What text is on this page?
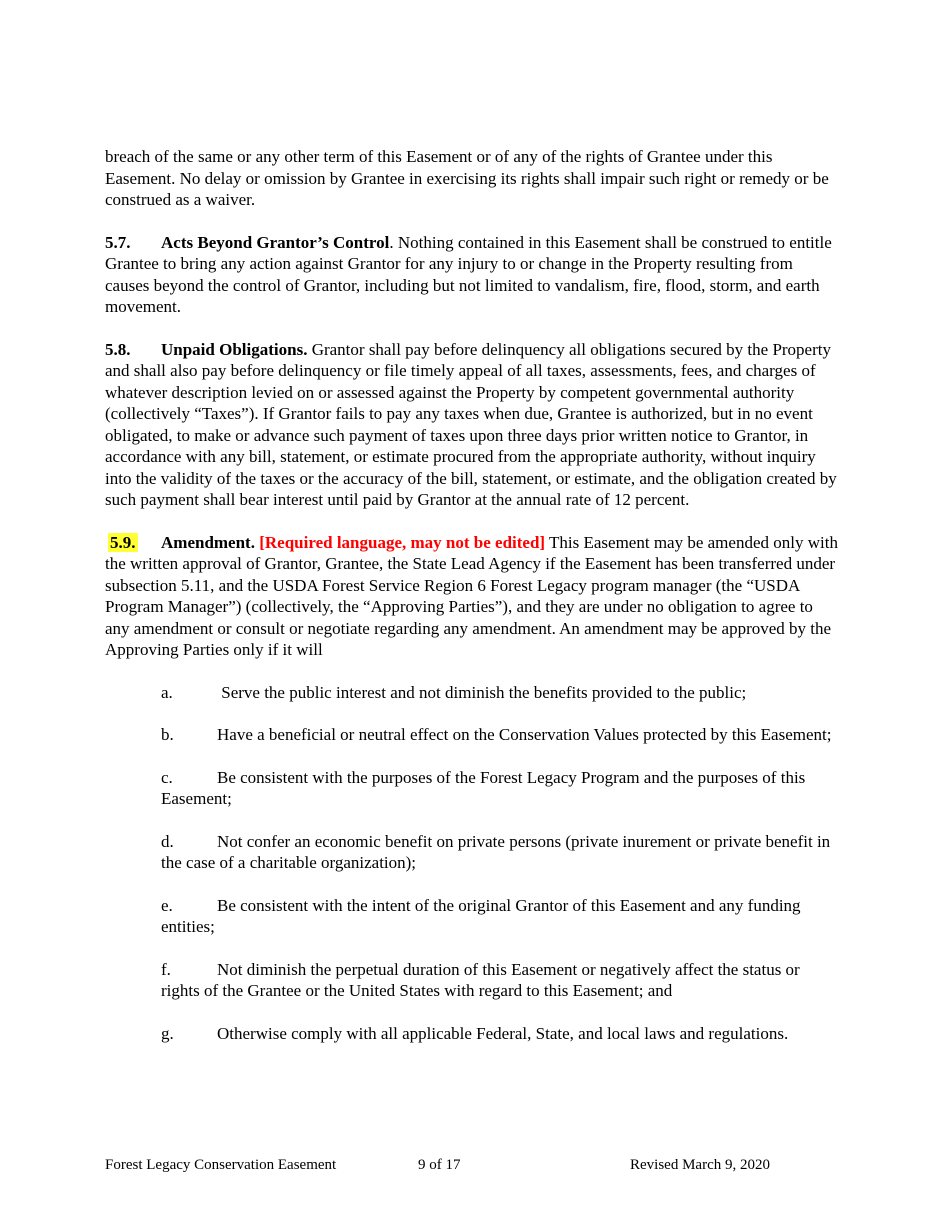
breach of the same or any other term of this Easement or of any of the rights of Grantee under this Easement. No delay or omission by Grantee in exercising its rights shall impair such right or remedy or be construed as a waiver.

5.7. Acts Beyond Grantor’s Control. Nothing contained in this Easement shall be construed to entitle Grantee to bring any action against Grantor for any injury to or change in the Property resulting from causes beyond the control of Grantor, including but not limited to vandalism, fire, flood, storm, and earth movement.

5.8. Unpaid Obligations. Grantor shall pay before delinquency all obligations secured by the Property and shall also pay before delinquency or file timely appeal of all taxes, assessments, fees, and charges of whatever description levied on or assessed against the Property by competent governmental authority (collectively “Taxes”). If Grantor fails to pay any taxes when due, Grantee is authorized, but in no event obligated, to make or advance such payment of taxes upon three days prior written notice to Grantor, in accordance with any bill, statement, or estimate procured from the appropriate authority, without inquiry into the validity of the taxes or the accuracy of the bill, statement, or estimate, and the obligation created by such payment shall bear interest until paid by Grantor at the annual rate of 12 percent.

5.9. Amendment. [Required language, may not be edited] This Easement may be amended only with the written approval of Grantor, Grantee, the State Lead Agency if the Easement has been transferred under subsection 5.11, and the USDA Forest Service Region 6 Forest Legacy program manager (the “USDA Program Manager”) (collectively, the “Approving Parties”), and they are under no obligation to agree to any amendment or consult or negotiate regarding any amendment. An amendment may be approved by the Approving Parties only if it will

a.	Serve the public interest and not diminish the benefits provided to the public;

b.	Have a beneficial or neutral effect on the Conservation Values protected by this Easement;

c.	Be consistent with the purposes of the Forest Legacy Program and the purposes of this Easement;

d.	Not confer an economic benefit on private persons (private inurement or private benefit in the case of a charitable organization);

e.	Be consistent with the intent of the original Grantor of this Easement and any funding entities;

f.	Not diminish the perpetual duration of this Easement or negatively affect the status or rights of the Grantee or the United States with regard to this Easement; and

g.	Otherwise comply with all applicable Federal, State, and local laws and regulations.

Forest Legacy Conservation Easement	9 of 17	Revised March 9, 2020
